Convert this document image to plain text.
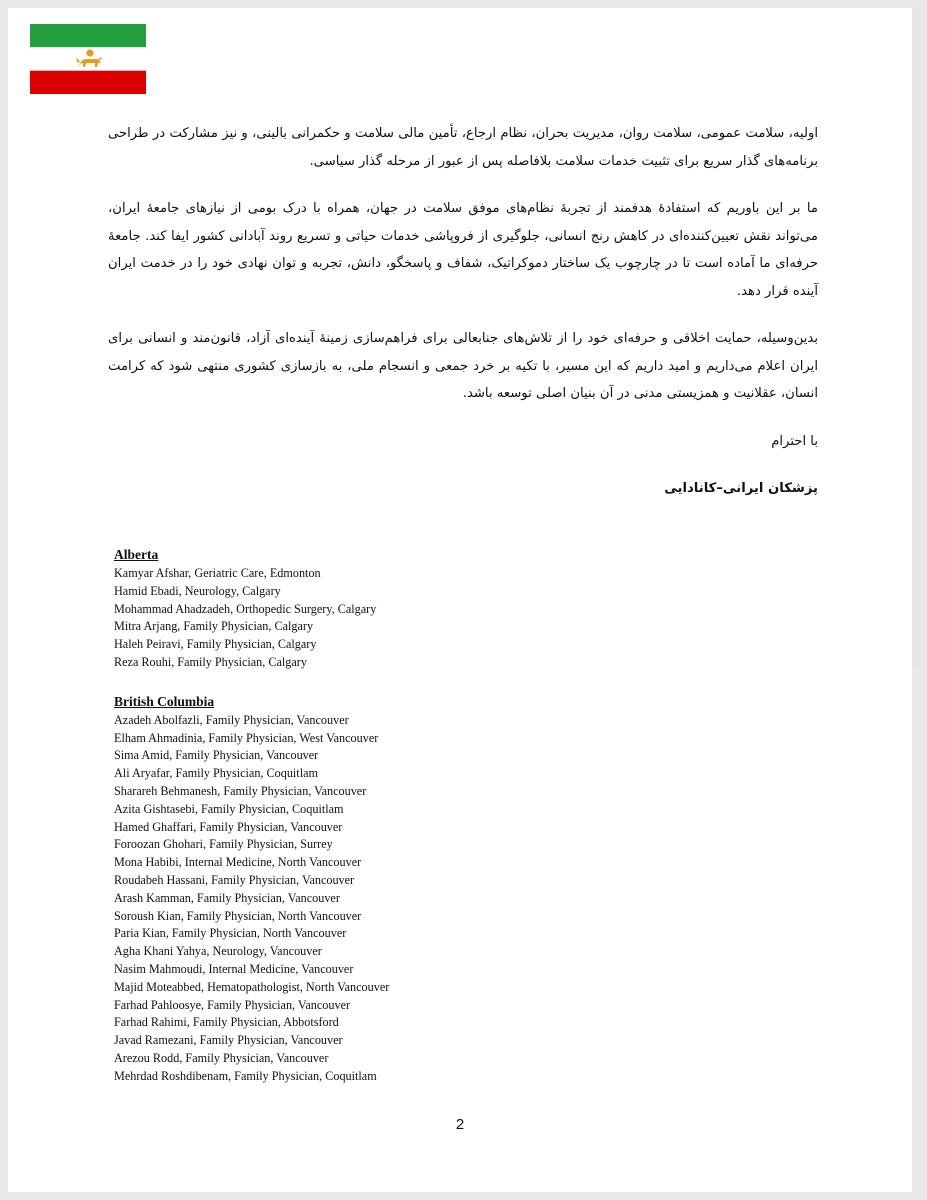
اولیه، سلامت عمومی، سلامت روان، مدیریت بحران، نظام ارجاع، تأمین مالی سلامت و حکمرانی بالینی، و نیز مشارکت در طراحی برنامه‌های گذار سریع برای تثبیت خدمات سلامت بلافاصله پس از عبور از مرحله گذار سیاسی.

ما بر این باوریم که استفادهٔ هدفمند از تجربهٔ نظام‌های موفق سلامت در جهان، همراه با درک بومی از نیازهای جامعهٔ ایران، می‌تواند نقش تعیین‌کننده‌ای در کاهش رنج انسانی، جلوگیری از فروپاشی خدمات حیاتی و تسریع روند آبادانی کشور ایفا کند. جامعهٔ حرفه‌ای ما آماده است تا در چارچوب یک ساختار دموکراتیک، شفاف و پاسخگو، دانش، تجربه و توان نهادی خود را در خدمت ایران آینده قرار دهد.

بدین‌وسیله، حمایت اخلاقی و حرفه‌ای خود را از تلاش‌های جنابعالی برای فراهم‌سازی زمینهٔ آینده‌ای آزاد، قانون‌مند و انسانی برای ایران اعلام می‌داریم و امید داریم که این مسیر، با تکیه بر خرد جمعی و انسجام ملی، به بازسازی کشوری منتهی شود که کرامت انسان، عقلانیت و همزیستی مدنی در آن بنیان اصلی توسعه باشد.

با احترام

پزشکان ایرانی–کانادایی

Alberta
Kamyar Afshar, Geriatric Care, Edmonton
Hamid Ebadi, Neurology, Calgary
Mohammad Ahadzadeh, Orthopedic Surgery, Calgary
Mitra Arjang, Family Physician, Calgary
Haleh Peiravi, Family Physician, Calgary
Reza Rouhi, Family Physician, Calgary
British Columbia
Azadeh Abolfazli, Family Physician, Vancouver
Elham Ahmadinia, Family Physician, West Vancouver
Sima Amid, Family Physician, Vancouver
Ali Aryafar, Family Physician, Coquitlam
Sharareh Behmanesh, Family Physician, Vancouver
Azita Gishtasebi, Family Physician, Coquitlam
Hamed Ghaffari, Family Physician, Vancouver
Foroozan Ghohari, Family Physician, Surrey
Mona Habibi, Internal Medicine, North Vancouver
Roudabeh Hassani, Family Physician, Vancouver
Arash Kamman, Family Physician, Vancouver
Soroush Kian, Family Physician, North Vancouver
Paria Kian, Family Physician, North Vancouver
Agha Khani Yahya, Neurology, Vancouver
Nasim Mahmoudi, Internal Medicine, Vancouver
Majid Moteabbed, Hematopathologist, North Vancouver
Farhad Pahloosye, Family Physician, Vancouver
Farhad Rahimi, Family Physician, Abbotsford
Javad Ramezani, Family Physician, Vancouver
Arezou Rodd, Family Physician, Vancouver
Mehrdad Roshdibenam, Family Physician, Coquitlam
2
